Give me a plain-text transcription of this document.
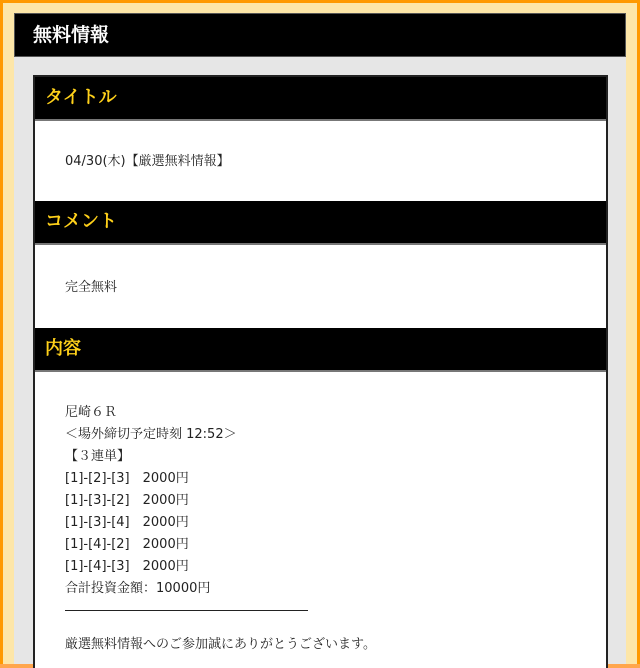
無料情報
タイトル

04/30(木)【厳選無料情報】

コメント

完全無料

内容

尼崎６Ｒ

＜場外締切予定時刻 12:52＞

【３連単】

[1]-[2]-[3]　2000円

[1]-[3]-[2]　2000円

[1]-[3]-[4]　2000円

[1]-[4]-[2]　2000円

[1]-[4]-[3]　2000円

合計投資金額：10000円

厳選無料情報へのご参加誠にありがとうございます。
